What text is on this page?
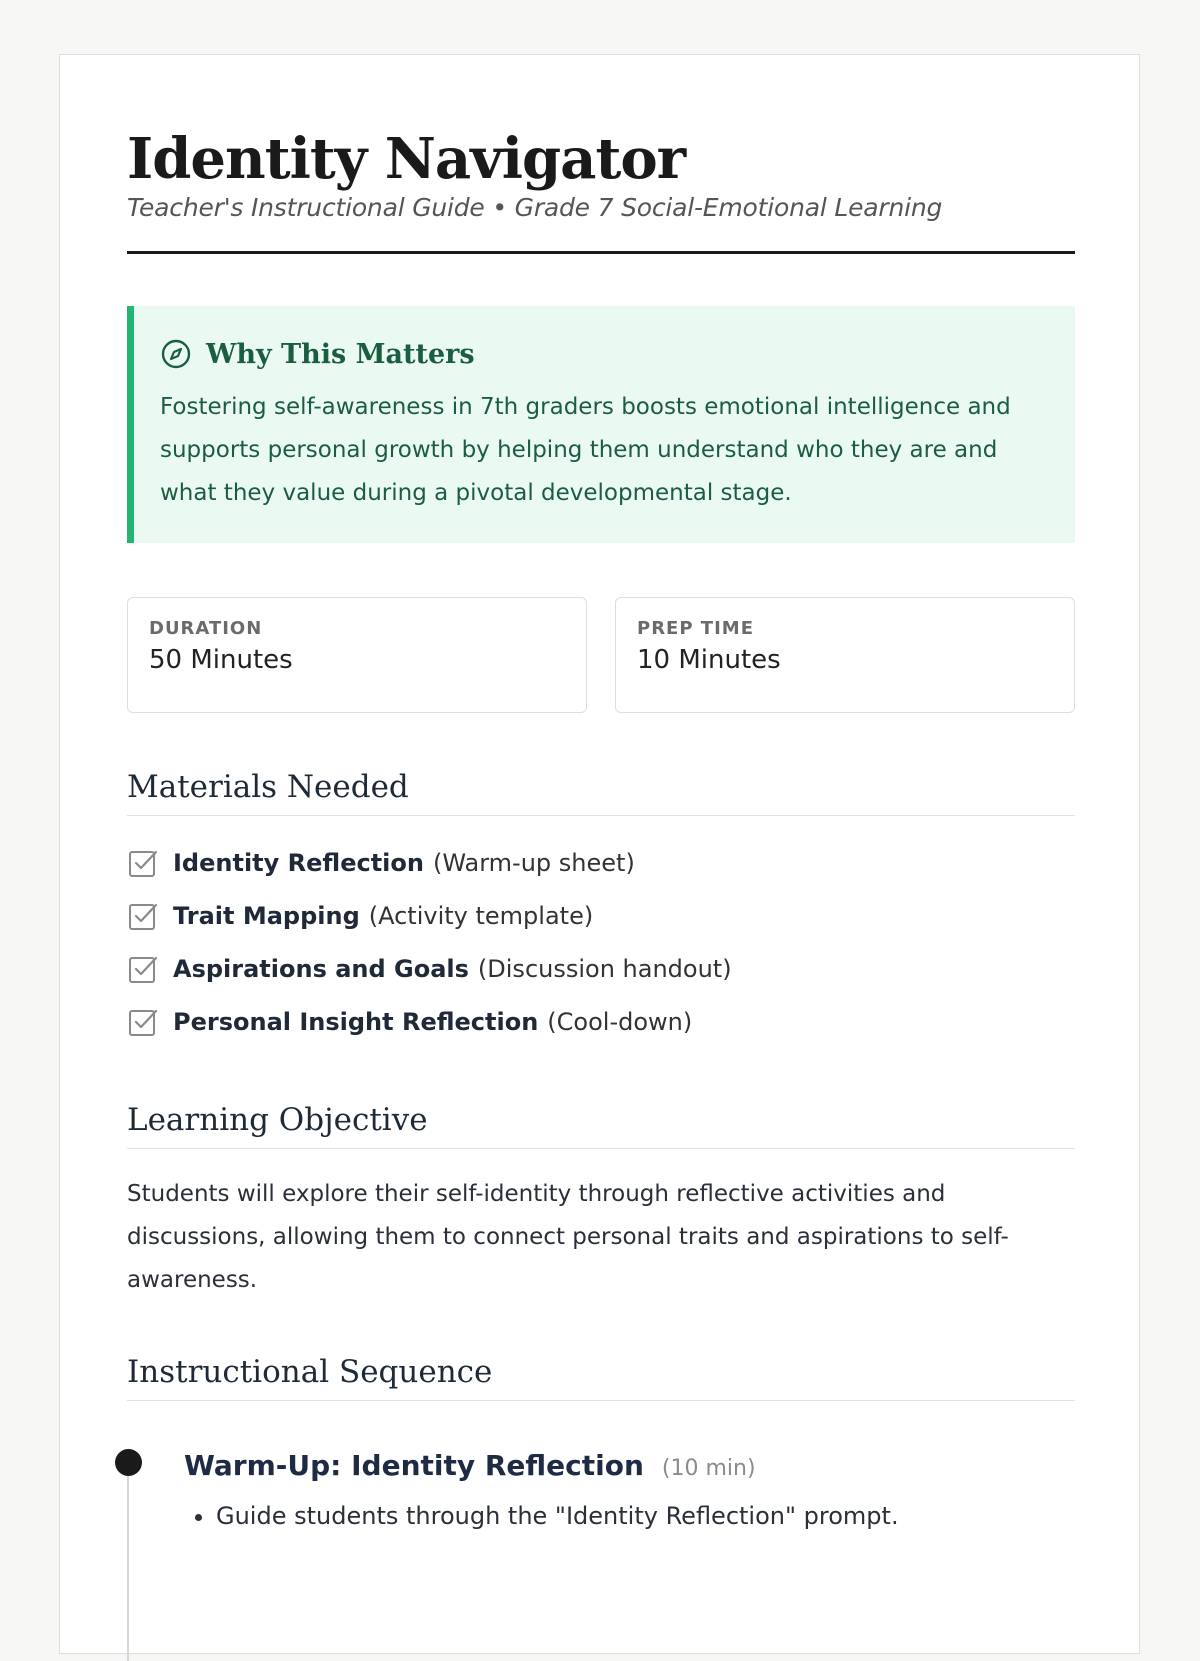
Identity Navigator
Teacher's Instructional Guide • Grade 7 Social-Emotional Learning
Why This Matters
Fostering self-awareness in 7th graders boosts emotional intelligence and supports personal growth by helping them understand who they are and what they value during a pivotal developmental stage.
DURATION
50 Minutes
PREP TIME
10 Minutes
Materials Needed
Identity Reflection (Warm-up sheet)
Trait Mapping (Activity template)
Aspirations and Goals (Discussion handout)
Personal Insight Reflection (Cool-down)
Learning Objective
Students will explore their self-identity through reflective activities and discussions, allowing them to connect personal traits and aspirations to self-awareness.
Instructional Sequence
Warm-Up: Identity Reflection (10 min)
• Guide students through the "Identity Reflection" prompt.
